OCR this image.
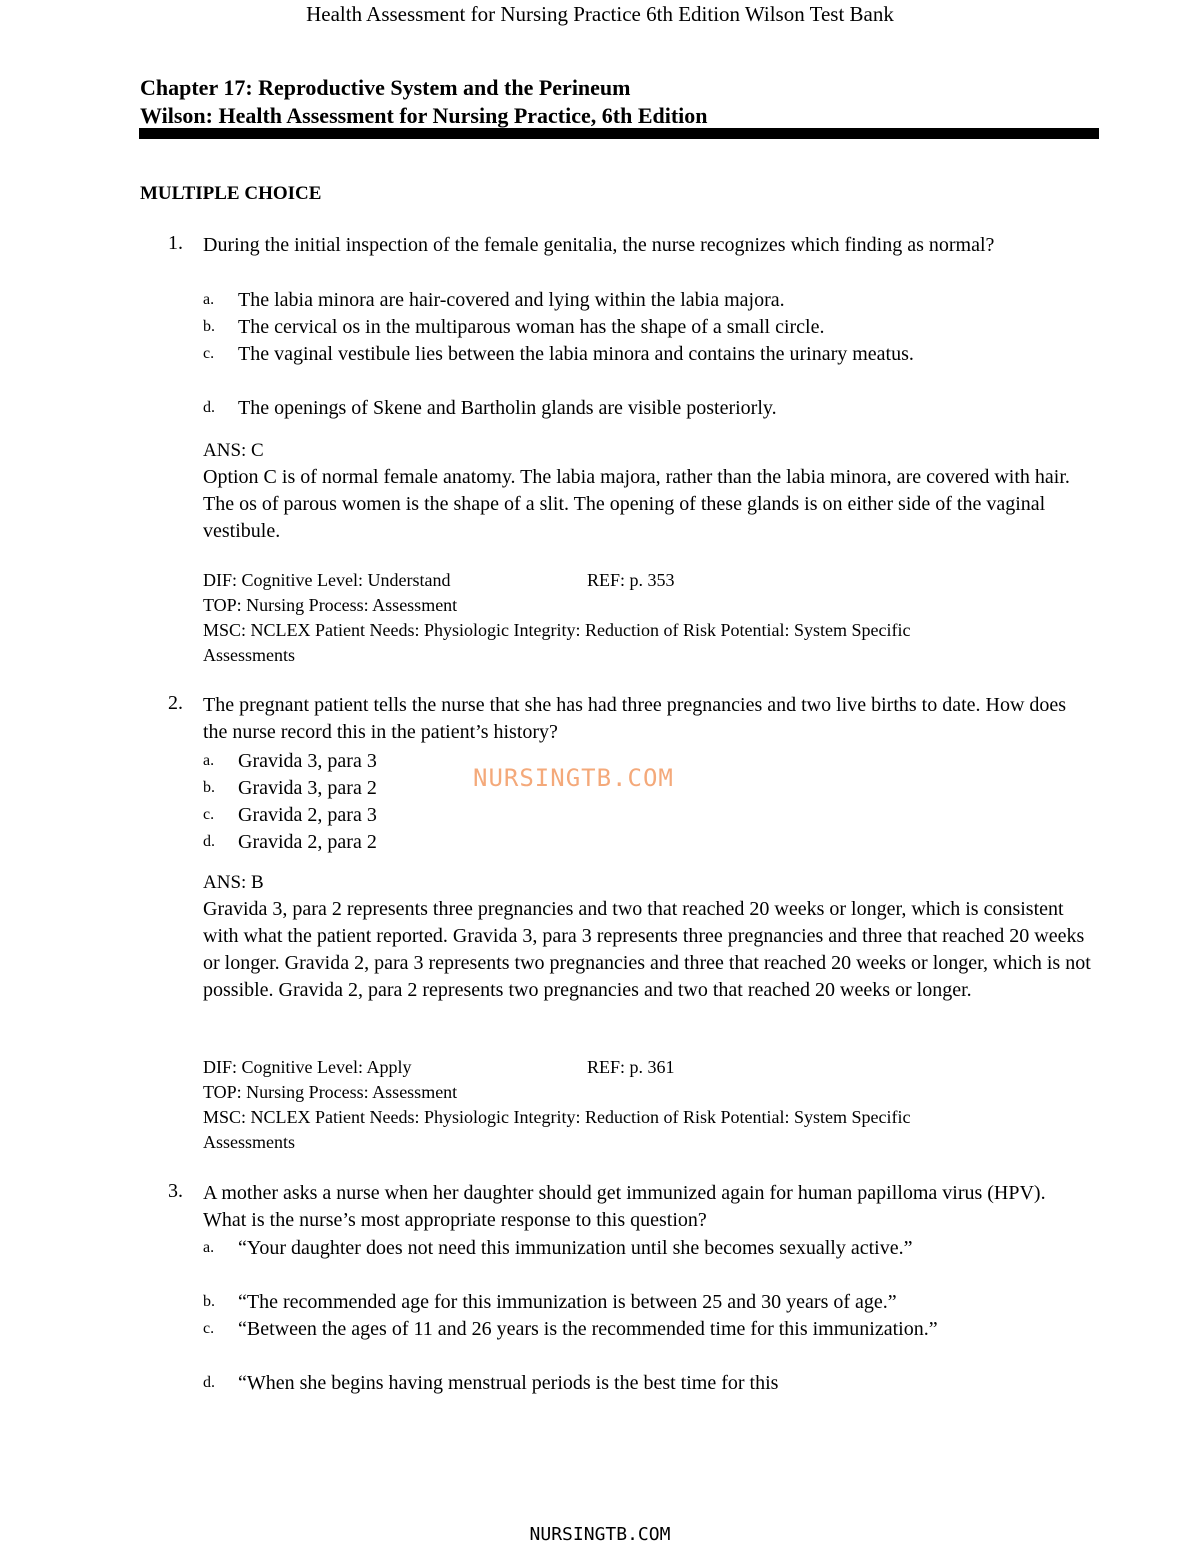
Health Assessment for Nursing Practice 6th Edition Wilson Test Bank
Chapter 17: Reproductive System and the Perineum
Wilson: Health Assessment for Nursing Practice, 6th Edition
MULTIPLE CHOICE
1.	During the initial inspection of the female genitalia, the nurse recognizes which finding as normal?
a.	The labia minora are hair-covered and lying within the labia majora.
b.	The cervical os in the multiparous woman has the shape of a small circle.
c.	The vaginal vestibule lies between the labia minora and contains the urinary meatus.
d.	The openings of Skene and Bartholin glands are visible posteriorly.
ANS: C
Option C is of normal female anatomy. The labia majora, rather than the labia minora, are covered with hair. The os of parous women is the shape of a slit. The opening of these glands is on either side of the vaginal vestibule.
DIF: Cognitive Level: Understand	REF: p. 353
TOP: Nursing Process: Assessment
MSC: NCLEX Patient Needs: Physiologic Integrity: Reduction of Risk Potential: System Specific
Assessments
2.	The pregnant patient tells the nurse that she has had three pregnancies and two live births to date. How does the nurse record this in the patient’s history?
a.	Gravida 3, para 3
b.	Gravida 3, para 2
c.	Gravida 2, para 3
d.	Gravida 2, para 2
ANS: B
Gravida 3, para 2 represents three pregnancies and two that reached 20 weeks or longer, which is consistent with what the patient reported. Gravida 3, para 3 represents three pregnancies and three that reached 20 weeks or longer. Gravida 2, para 3 represents two pregnancies and three that reached 20 weeks or longer, which is not possible. Gravida 2, para 2 represents two pregnancies and two that reached 20 weeks or longer.
DIF: Cognitive Level: Apply	REF: p. 361
TOP: Nursing Process: Assessment
MSC: NCLEX Patient Needs: Physiologic Integrity: Reduction of Risk Potential: System Specific
Assessments
NURSINGTB.COM
3.	A mother asks a nurse when her daughter should get immunized again for human papilloma virus (HPV). What is the nurse’s most appropriate response to this question?
a.	“Your daughter does not need this immunization until she becomes sexually active.”
b.	“The recommended age for this immunization is between 25 and 30 years of age.”
c.	“Between the ages of 11 and 26 years is the recommended time for this immunization.”
d.	“When she begins having menstrual periods is the best time for this
NURSINGTB.COM
